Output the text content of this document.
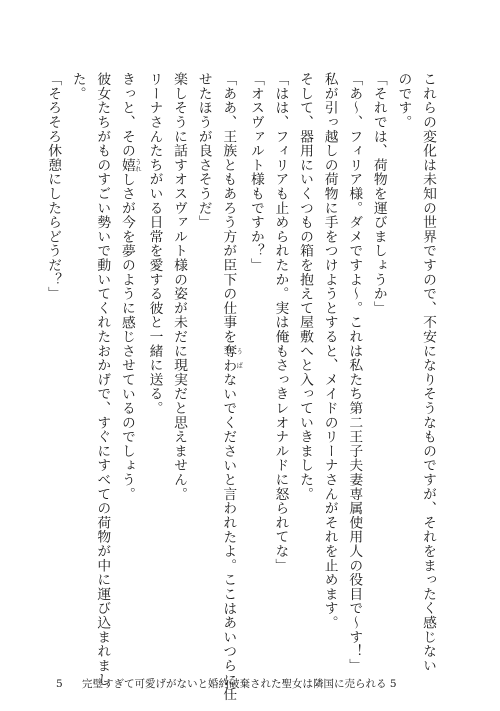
これらの変化は未知の世界ですので、不安になりそうなものですが、それをまったく感じない

のです。

「それでは、荷物を運びましょうか」

「あ〜、フィリア様。ダメですよ〜。これは私たち第二王子夫妻専属使用人の役目で〜す！」

私が引っ越しの荷物に手をつけようとすると、メイドのリーナさんがそれを止めます。

そして、器用にいくつもの箱を抱えて屋敷へと入っていきました。

「はは、フィリアも止められたか。実は俺もさっきレオナルドに怒られてな」

「オスヴァルト様もですか？」

「ああ、王族ともあろう方が臣下の仕事を奪わ うばないでくださいと言われたよ。ここはあいつらに任

せたほうが良さそうだ」

楽しそうに話すオスヴァルト様の姿が未だに現実だと思えません。

リーナさんたちがいる日常を愛する彼と一緒に送る。

きっと、その嬉 うれしさが今を夢のように感じさせているのでしょう。

彼女たちがものすごい勢いで動いてくれたおかげで、すぐにすべての荷物が中に運び込まれまし

た。

「そろそろ休憩にしたらどうだ？」

5 完璧すぎて可愛げがないと婚約破棄された聖女は隣国に売られる 5
